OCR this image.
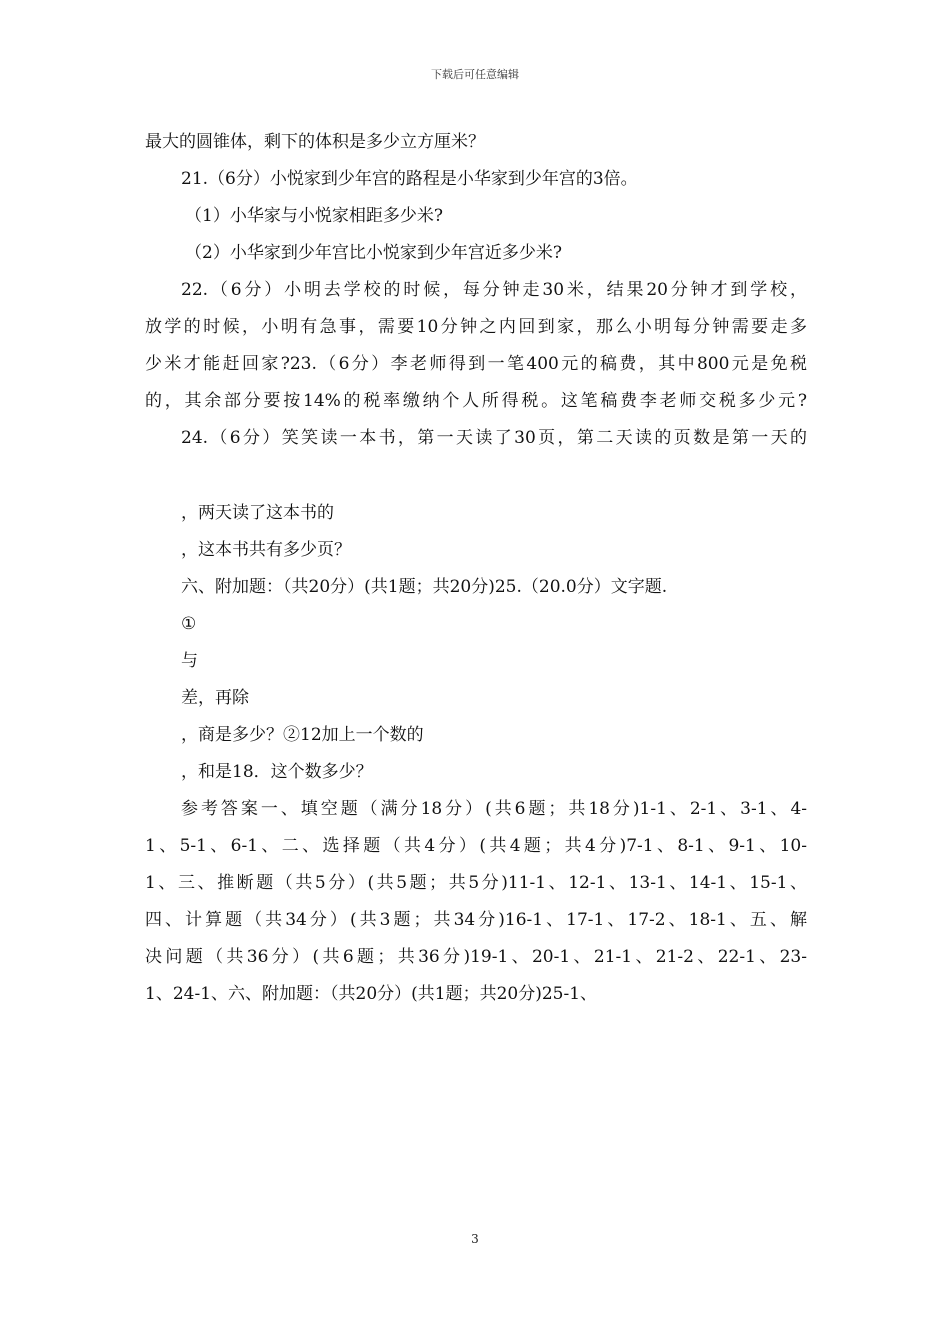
下载后可任意编辑
最大的圆锥体，剩下的体积是多少立方厘米？
21.（6分）小悦家到少年宫的路程是小华家到少年宫的3倍。
（1）小华家与小悦家相距多少米?
（2）小华家到少年宫比小悦家到少年宫近多少米?
22.（6分）小明去学校的时候，每分钟走30米，结果20分钟才到学校，
放学的时候，小明有急事，需要10分钟之内回到家，那么小明每分钟需要走多
少米才能赶回家?23.（6分）李老师得到一笔400元的稿费，其中800元是免税
的，其余部分要按14%的税率缴纳个人所得税。这笔稿费李老师交税多少元?
24.（6分）笑笑读一本书，第一天读了30页，第二天读的页数是第一天的
，两天读了这本书的
，这本书共有多少页？
六、附加题：（共20分）(共1题；共20分)25.（20.0分）文字题.
①
与
差，再除
，商是多少？②12加上一个数的
，和是18．这个数多少？
参考答案一、填空题（满分18分）(共6题；共18分)1-1、2-1、3-1、4-
1、5-1、6-1、二、选择题（共4分）(共4题；共4分)7-1、8-1、9-1、10-
1、三、推断题（共5分）(共5题；共5分)11-1、12-1、13-1、14-1、15-1、
四、计算题（共34分）(共3题；共34分)16-1、17-1、17-2、18-1、五、解
决问题（共36分）(共6题；共36分)19-1、20-1、21-1、21-2、22-1、23-
1、24-1、六、附加题：（共20分）(共1题；共20分)25-1、
3
